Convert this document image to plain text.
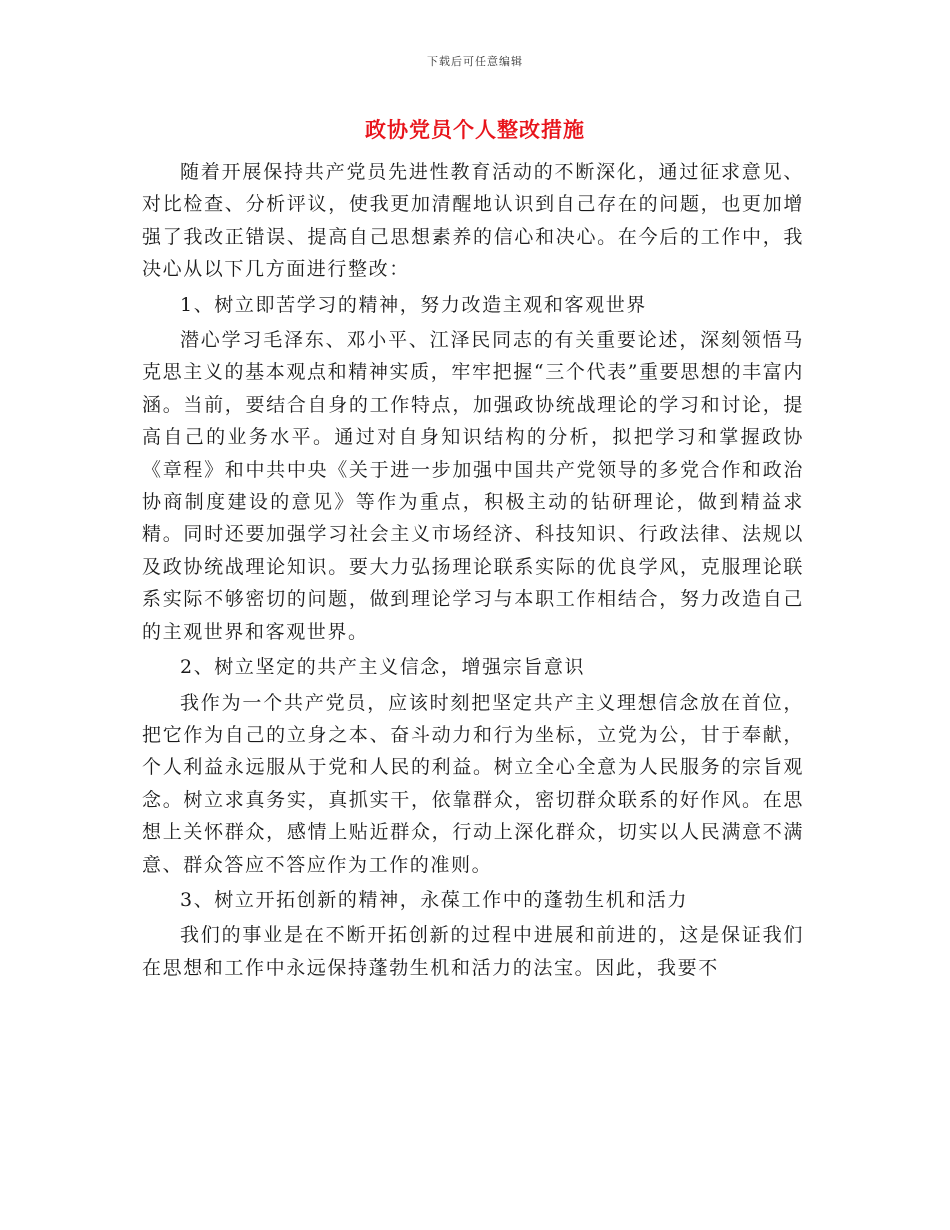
下载后可任意编辑
政协党员个人整改措施

随着开展保持共产党员先进性教育活动的不断深化，通过征求意见、对比检查、分析评议，使我更加清醒地认识到自己存在的问题，也更加增强了我改正错误、提高自己思想素养的信心和决心。在今后的工作中，我决心从以下几方面进行整改：

1、树立即苦学习的精神，努力改造主观和客观世界

潜心学习毛泽东、邓小平、江泽民同志的有关重要论述，深刻领悟马克思主义的基本观点和精神实质，牢牢把握“三个代表”重要思想的丰富内涵。当前，要结合自身的工作特点，加强政协统战理论的学习和讨论，提高自己的业务水平。通过对自身知识结构的分析，拟把学习和掌握政协《章程》和中共中央《关于进一步加强中国共产党领导的多党合作和政治协商制度建设的意见》等作为重点，积极主动的钻研理论，做到精益求精。同时还要加强学习社会主义市场经济、科技知识、行政法律、法规以及政协统战理论知识。要大力弘扬理论联系实际的优良学风，克服理论联系实际不够密切的问题，做到理论学习与本职工作相结合，努力改造自己的主观世界和客观世界。

2、树立坚定的共产主义信念，增强宗旨意识

我作为一个共产党员，应该时刻把坚定共产主义理想信念放在首位，把它作为自己的立身之本、奋斗动力和行为坐标，立党为公，甘于奉献，个人利益永远服从于党和人民的利益。树立全心全意为人民服务的宗旨观念。树立求真务实，真抓实干，依靠群众，密切群众联系的好作风。在思想上关怀群众，感情上贴近群众，行动上深化群众，切实以人民满意不满意、群众答应不答应作为工作的准则。

3、树立开拓创新的精神，永葆工作中的蓬勃生机和活力

我们的事业是在不断开拓创新的过程中进展和前进的，这是保证我们在思想和工作中永远保持蓬勃生机和活力的法宝。因此，我要不
